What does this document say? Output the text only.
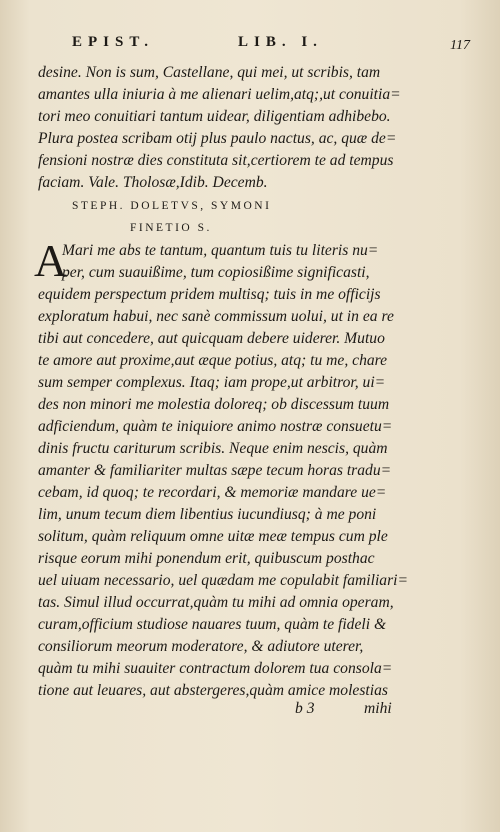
EPIST.	LIB. I.	117
desine. Non is sum, Castellane, qui mei, ut scribis, tam
amantes ulla iniuria à me alienari uelim,atq;,ut conuitia=
tori meo conuitiari tantum uidear, diligentiam adhibebo.
Plura postea scribam otij plus paulo nactus, ac, quæ de=
fensioni nostræ dies constituta sit,certiorem te ad tempus
faciam. Vale. Tholosæ,Idib. Decemb.
STEPH. DOLETVS, SYMONI
FINETIO S.
A
Mari me abs te tantum, quantum tuis tu literis nu=
per, cum suauißime, tum copiosißime significasti,
equidem perspectum pridem multisq; tuis in me officijs
exploratum habui, nec sanè commissum uolui, ut in ea re
tibi aut concedere, aut quicquam debere uiderer. Mutuo
te amore aut proxime,aut æque potius, atq; tu me, chare
sum semper complexus. Itaq; iam prope,ut arbitror, ui=
des non minori me molestia doloreq; ob discessum tuum
adficiendum, quàm te iniquiore animo nostræ consuetu=
dinis fructu cariturum scribis. Neque enim nescis, quàm
amanter & familiariter multas sæpe tecum horas tradu=
cebam, id quoq; te recordari, & memoriæ mandare ue=
lim, unum tecum diem libentius iucundiusq; à me poni
solitum, quàm reliquum omne uitæ meæ tempus cum ple
risque eorum mihi ponendum erit, quibuscum posthac
uel uiuam necessario, uel quædam me copulabit familiari=
tas. Simul illud occurrat,quàm tu mihi ad omnia operam,
curam,officium studiose nauares tuum, quàm te fideli &
consiliorum meorum moderatore, & adiutore uterer,
quàm tu mihi suauiter contractum dolorem tua consola=
tione aut leuares, aut abstergeres,quàm amice molestias
b 3	mihi
